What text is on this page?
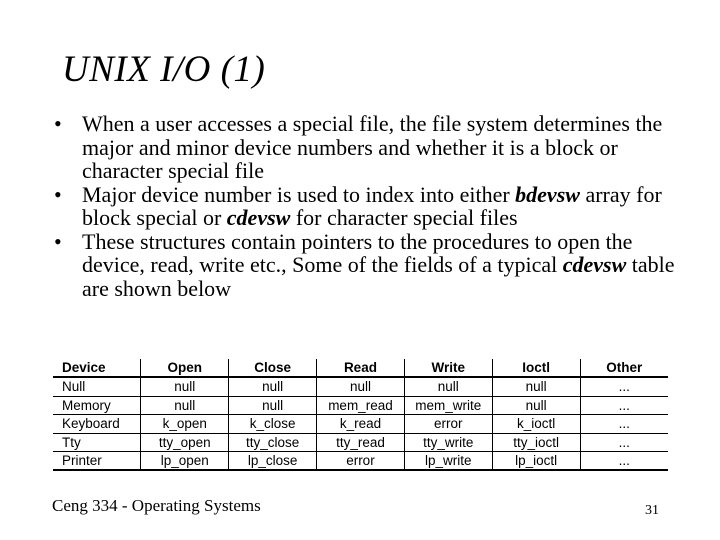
UNIX I/O (1)
• When a user accesses a special file, the file system determines the major and minor device numbers and whether it is a block or character special file
• Major device number is used to index into either bdevsw array for block special or cdevsw for character special files
• These structures contain pointers to the procedures to open the device, read, write etc., Some of the fields of a typical cdevsw table are shown below
Device	Open	Close	Read	Write	Ioctl	Other
Null	null	null	null	null	null	...
Memory	null	null	mem_read	mem_write	null	...
Keyboard	k_open	k_close	k_read	error	k_ioctl	...
Tty	tty_open	tty_close	tty_read	tty_write	tty_ioctl	...
Printer	lp_open	lp_close	error	lp_write	lp_ioctl	...
Ceng 334 - Operating Systems	31
